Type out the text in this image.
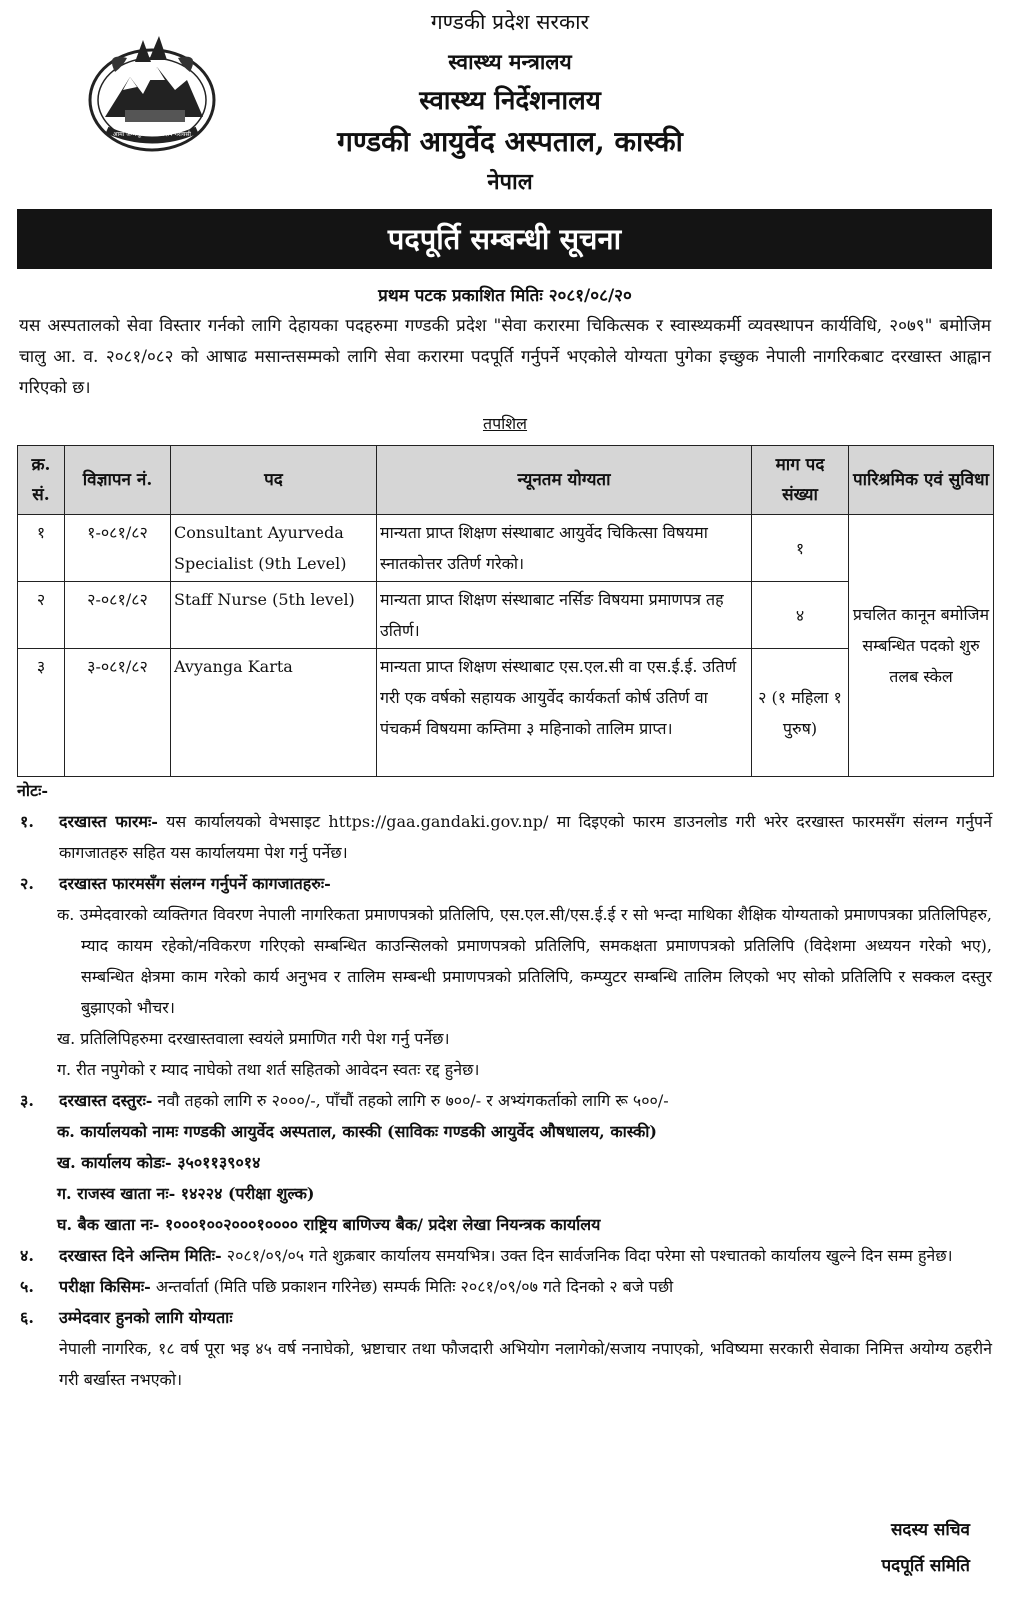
आमा जन्मभूमिश्च स्वर्गादपि गरीयसी
गण्डकी प्रदेश सरकार
स्वास्थ्य मन्त्रालय
स्वास्थ्य निर्देशनालय
गण्डकी आयुर्वेद अस्पताल, कास्की
नेपाल
पदपूर्ति सम्बन्धी सूचना
प्रथम पटक प्रकाशित मितिः २०८१/०८/२०
यस अस्पतालको सेवा विस्तार गर्नको लागि देहायका पदहरुमा गण्डकी प्रदेश "सेवा करारमा चिकित्सक र स्वास्थ्यकर्मी व्यवस्थापन कार्यविधि, २०७९" बमोजिम चालु आ. व. २०८१/०८२ को आषाढ मसान्तसम्मको लागि सेवा करारमा पदपूर्ति गर्नुपर्ने भएकोले योग्यता पुगेका इच्छुक नेपाली नागरिकबाट दरखास्त आह्वान गरिएको छ।
तपशिल
क्र. सं.	विज्ञापन नं.	पद	न्यूनतम योग्यता	माग पद संख्या	पारिश्रमिक एवं सुविधा
१	१-०८१/८२	Consultant Ayurveda Specialist (9th Level)	मान्यता प्राप्त शिक्षण संस्थाबाट आयुर्वेद चिकित्सा विषयमा स्नातकोत्तर उतिर्ण गरेको।	१	प्रचलित कानून बमोजिम सम्बन्धित पदको शुरु तलब स्केल
२	२-०८१/८२	Staff Nurse (5th level)	मान्यता प्राप्त शिक्षण संस्थाबाट नर्सिङ विषयमा प्रमाणपत्र तह उतिर्ण।	४	
३	३-०८१/८२	Avyanga Karta	मान्यता प्राप्त शिक्षण संस्थाबाट एस.एल.सी वा एस.ई.ई. उतिर्ण गरी एक वर्षको सहायक आयुर्वेद कार्यकर्ता कोर्ष उतिर्ण वा पंचकर्म विषयमा कम्तिमा ३ महिनाको तालिम प्राप्त।	२ (१ महिला १ पुरुष)	
नोटः-
१. दरखास्त फारमः- यस कार्यालयको वेभसाइट https://gaa.gandaki.gov.np/ मा दिइएको फारम डाउनलोड गरी भरेर दरखास्त फारमसँग संलग्न गर्नुपर्ने कागजातहरु सहित यस कार्यालयमा पेश गर्नु पर्नेछ।
२. दरखास्त फारमसँग संलग्न गर्नुपर्ने कागजातहरुः-
क. उम्मेदवारको व्यक्तिगत विवरण नेपाली नागरिकता प्रमाणपत्रको प्रतिलिपि, एस.एल.सी/एस.ई.ई र सो भन्दा माथिका शैक्षिक योग्यताको प्रमाणपत्रका प्रतिलिपिहरु, म्याद कायम रहेको/नविकरण गरिएको सम्बन्धित काउन्सिलको प्रमाणपत्रको प्रतिलिपि, समकक्षता प्रमाणपत्रको प्रतिलिपि (विदेशमा अध्ययन गरेको भए), सम्बन्धित क्षेत्रमा काम गरेको कार्य अनुभव र तालिम सम्बन्धी प्रमाणपत्रको प्रतिलिपि, कम्प्युटर सम्बन्धि तालिम लिएको भए सोको प्रतिलिपि र सक्कल दस्तुर बुझाएको भौचर।
ख. प्रतिलिपिहरुमा दरखास्तवाला स्वयंले प्रमाणित गरी पेश गर्नु पर्नेछ।
ग. रीत नपुगेको र म्याद नाघेको तथा शर्त सहितको आवेदन स्वतः रद्द हुनेछ।
३. दरखास्त दस्तुरः- नवौ तहको लागि रु २०००/-, पाँचौं तहको लागि रु ७००/- र अभ्यंगकर्ताको लागि रू ५००/-
क. कार्यालयको नामः गण्डकी आयुर्वेद अस्पताल, कास्की (साविकः गण्डकी आयुर्वेद औषधालय, कास्की)
ख. कार्यालय कोडः- ३५०११३९०१४
ग. राजस्व खाता नः- १४२२४ (परीक्षा शुल्क)
घ. बैक खाता नः- १०००१००२०००१०००० राष्ट्रिय बाणिज्य बैक/ प्रदेश लेखा नियन्त्रक कार्यालय
४. दरखास्त दिने अन्तिम मितिः- २०८१/०९/०५ गते शुक्रबार कार्यालय समयभित्र। उक्त दिन सार्वजनिक विदा परेमा सो पश्चातको कार्यालय खुल्ने दिन सम्म हुनेछ।
५. परीक्षा किसिमः- अन्तर्वार्ता (मिति पछि प्रकाशन गरिनेछ) सम्पर्क मितिः २०८१/०९/०७ गते दिनको २ बजे पछी
६. उम्मेदवार हुनको लागि योग्यताः
नेपाली नागरिक, १८ वर्ष पूरा भइ ४५ वर्ष ननाघेको, भ्रष्टाचार तथा फौजदारी अभियोग नलागेको/सजाय नपाएको, भविष्यमा सरकारी सेवाका निमित्त अयोग्य ठहरीने गरी बर्खास्त नभएको।
सदस्य सचिव
पदपूर्ति समिति
